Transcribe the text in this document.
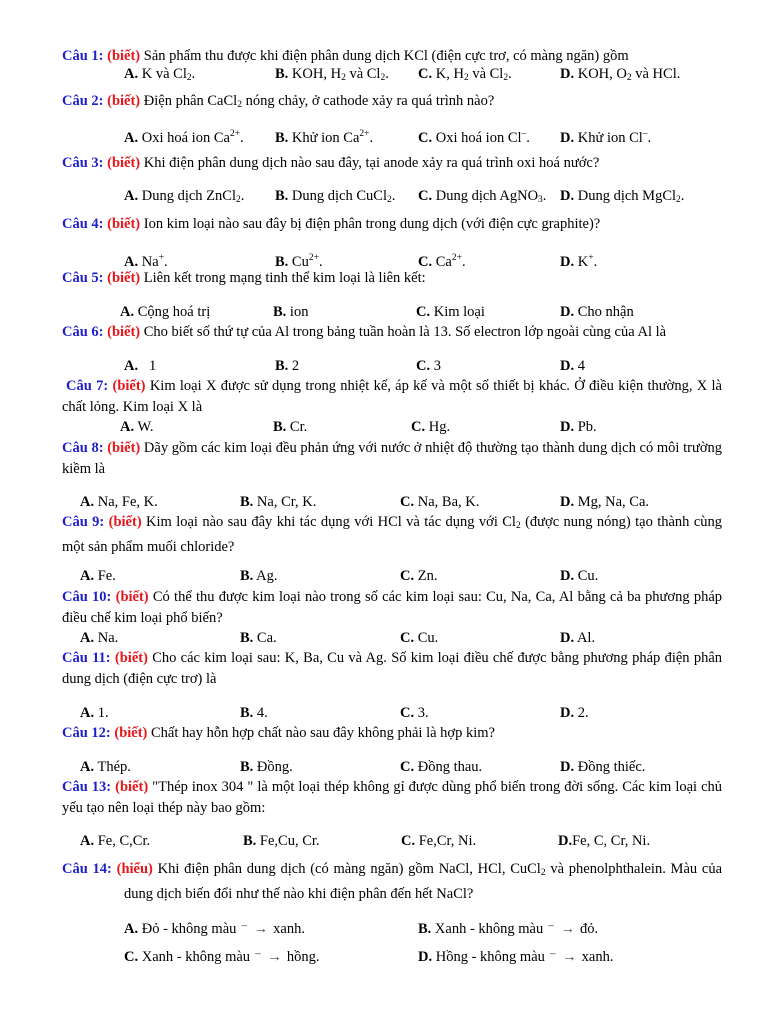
Câu 1: (biết) Sản phẩm thu được khi điện phân dung dịch KCl (điện cực trơ, có màng ngăn) gồm

A. K và $Cl_2$.	B. KOH, $H_2$ và $Cl_2$. C. K, $H_2$ và $Cl_2$.	D. KOH, $O_2$ và HCl.

Câu 2: (biết) Điện phân CaCl$_2$ nóng chảy, ở cathode xảy ra quá trình nào?

A. Oxi hoá ion $Ca^{2+}$. B. Khử ion $Ca^{2+}$.	C. Oxi hoá ion Cl–. D. Khử ion Cl–.

Câu 3: (biết) Khi điện phân dung dịch nào sau đây, tại anode xảy ra quá trình oxi hoá nước?

A. Dung dịch ZnCl$_2$. B. Dung dịch CuCl$_2$. C. Dung dịch AgNO$_3$. D. Dung dịch MgCl$_2$.

Câu 4: (biết) Ion kim loại nào sau đây bị điện phân trong dung dịch (với điện cực graphite)?

A. Na+.	B. $Cu^{2+}$.	C. $Ca^{2+}$.	D. K+.

Câu 5: (biết) Liên kết trong mạng tinh thể kim loại là liên kết:

A. Cộng hoá trị	B. ion	C. Kim loại	D. Cho nhận

Câu 6: (biết) Cho biết số thứ tự của Al trong bảng tuần hoàn là 13. Số electron lớp ngoài cùng của Al là

A. 1	B. 2	C. 3	D. 4

Câu 7: (biết) Kim loại X được sử dụng trong nhiệt kế, áp kế và một số thiết bị khác. Ở điều kiện thường, X là chất lỏng. Kim loại X là

A. W.	B. Cr.	C. Hg.	D. Pb.

Câu 8: (biết) Dãy gồm các kim loại đều phản ứng với nước ở nhiệt độ thường tạo thành dung dịch có môi trường kiềm là

A. Na, Fe, K.	B. Na, Cr, K.	C. Na, Ba, K.	D. Mg, Na, Ca.

Câu 9: (biết) Kim loại nào sau đây khi tác dụng với HCl và tác dụng với $Cl_2$ (được nung nóng) tạo thành cùng một sản phẩm muối chloride?

A. Fe.	B. Ag.	C. Zn.	D. Cu.

Câu 10: (biết) Có thể thu được kim loại nào trong số các kim loại sau: Cu, Na, Ca, Al bằng cả ba phương pháp điều chế kim loại phổ biến?

A. Na.	B. Ca.	C. Cu.	D. Al.

Câu 11: (biết) Cho các kim loại sau: K, Ba, Cu và Ag. Số kim loại điều chế được bằng phương pháp điện phân dung dịch (điện cực trơ) là

A. 1.	B. 4.	C. 3.	D. 2.

Câu 12: (biết) Chất hay hỗn hợp chất nào sau đây không phải là hợp kim?

A. Thép.	B. Đồng.	C. Đồng thau.	D. Đồng thiếc.

Câu 13: (biết) "Thép inox 304 " là một loại thép không gỉ được dùng phổ biến trong đời sống. Các kim loại chủ yếu tạo nên loại thép này bao gồm:

A. Fe, C,Cr.	B. Fe,Cu, Cr.	C. Fe,Cr, Ni.	D.Fe, C, Cr, Ni.

Câu 14: (hiểu) Khi điện phân dung dịch (có màng ngăn) gồm NaCl, HCl, CuCl$_2$ và phenolphthalein. Màu của dung dịch biến đổi như thế nào khi điện phân đến hết NaCl?

A. Đỏ - không màu ⁻ → xanh.	B. Xanh - không màu ⁻ → đỏ.
C. Xanh - không màu ⁻ → hồng.	D. Hồng - không màu ⁻ → xanh.
